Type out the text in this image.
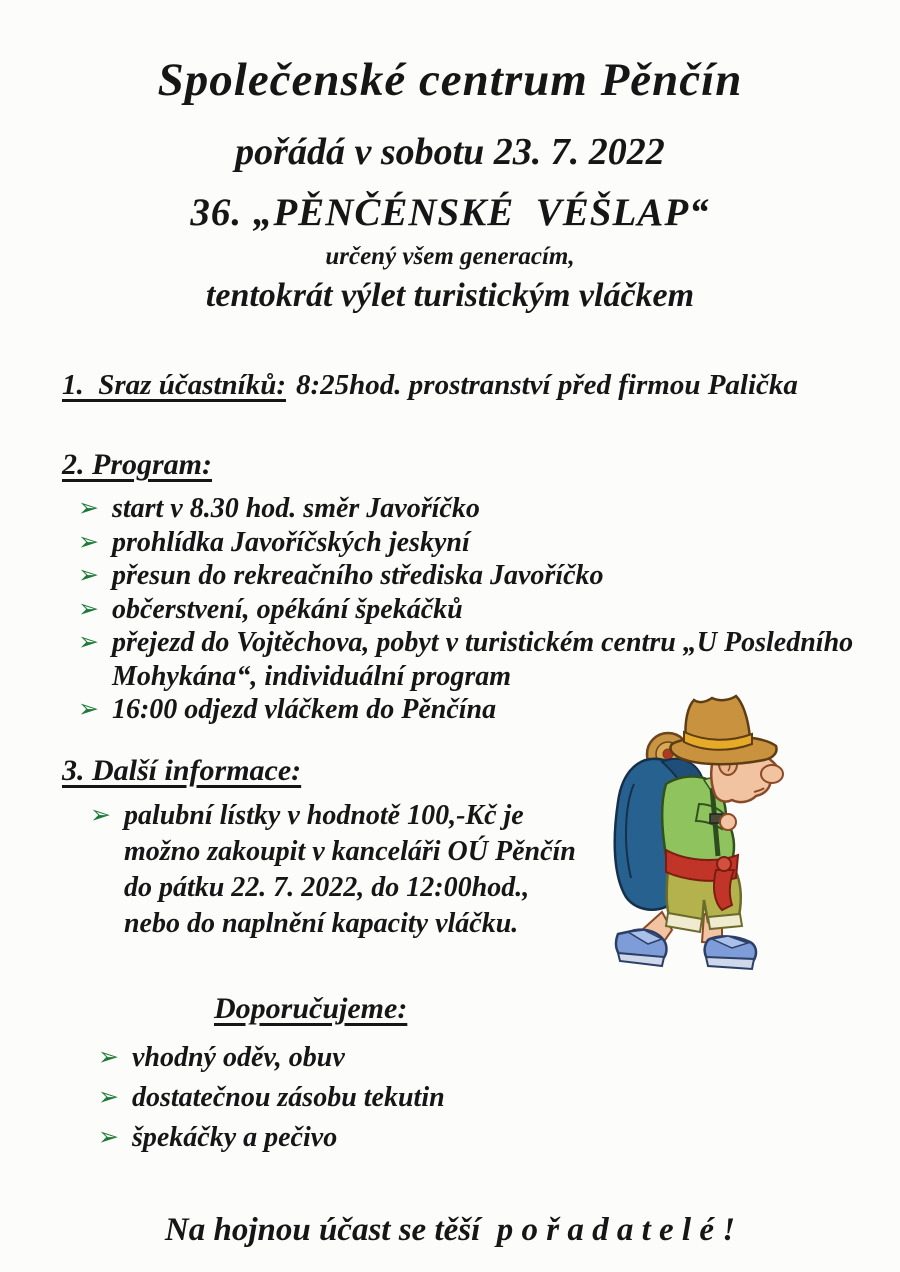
Společenské centrum Pěnčín

pořádá v sobotu 23. 7. 2022

36. „PĚNČÉNSKÉ  VÉŠLAP“

určený všem generacím,

tentokrát výlet turistickým vláčkem

1.  Sraz účastníků: 8:25hod. prostranství před firmou Palička
2. Program:
➢ start v 8.30 hod. směr Javoříčko
➢ prohlídka Javoříčských jeskyní
➢ přesun do rekreačního střediska Javoříčko
➢ občerstvení, opékání špekáčků
➢ přejezd do Vojtěchova, pobyt v turistickém centru „U Posledního
Mohykána“, individuální program
➢ 16:00 odjezd vláčkem do Pěnčína
3. Další informace:
➢ palubní lístky v hodnotě 100,-Kč je
možno zakoupit v kanceláři OÚ Pěnčín
do pátku 22. 7. 2022, do 12:00hod.,
nebo do naplnění kapacity vláčku.
Doporučujeme:
➢ vhodný oděv, obuv
➢ dostatečnou zásobu tekutin
➢ špekáčky a pečivo

Na hojnou účast se těší  p o ř a d a t e l é !
